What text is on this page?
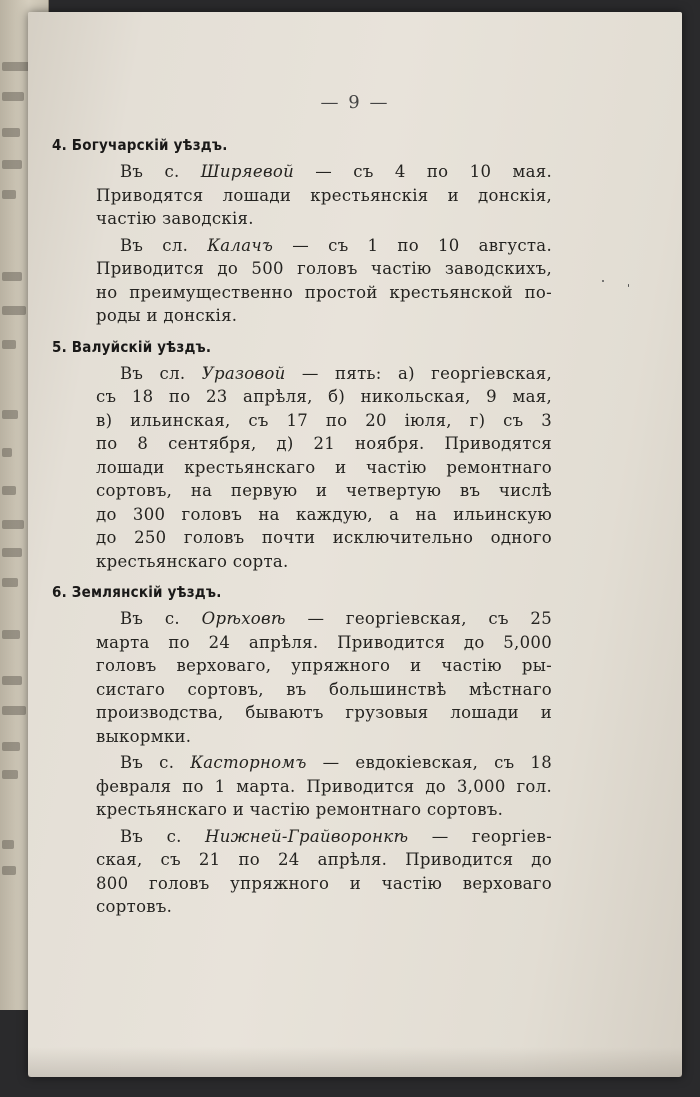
— 9 —
4. Богучарскій уѣздъ.
Въ с. Ширяевой — съ 4 по 10 мая.
Приводятся лошади крестьянскія и донскія,
частію заводскія.
Въ сл. Калачъ — съ 1 по 10 августа.
Приводится до 500 головъ частію заводскихъ,
но преимущественно простой крестьянской по-
роды и донскія.
5. Валуйскій уѣздъ.
Въ сл. Уразовой — пять: а) георгіевская,
съ 18 по 23 апрѣля, б) никольская, 9 мая,
в) ильинская, съ 17 по 20 іюля, г) съ 3
по 8 сентября, д) 21 ноября. Приводятся
лошади крестьянскаго и частію ремонтнаго
сортовъ, на первую и четвертую въ числѣ
до 300 головъ на каждую, а на ильинскую
до 250 головъ почти исключительно одного
крестьянскаго сорта.
6. Землянскій уѣздъ.
Въ с. Орѣховѣ — георгіевская, съ 25
марта по 24 апрѣля. Приводится до 5,000
головъ верховаго, упряжного и частію ры-
систаго сортовъ, въ большинствѣ мѣстнаго
производства, бываютъ грузовыя лошади и
выкормки.
Въ с. Касторномъ — евдокіевская, съ 18
февраля по 1 марта. Приводится до 3,000 гол.
крестьянскаго и частію ремонтнаго сортовъ.
Въ с. Нижней-Грайворонкѣ — георгіев-
ская, съ 21 по 24 апрѣля. Приводится до
800 головъ упряжного и частію верховаго
сортовъ.
